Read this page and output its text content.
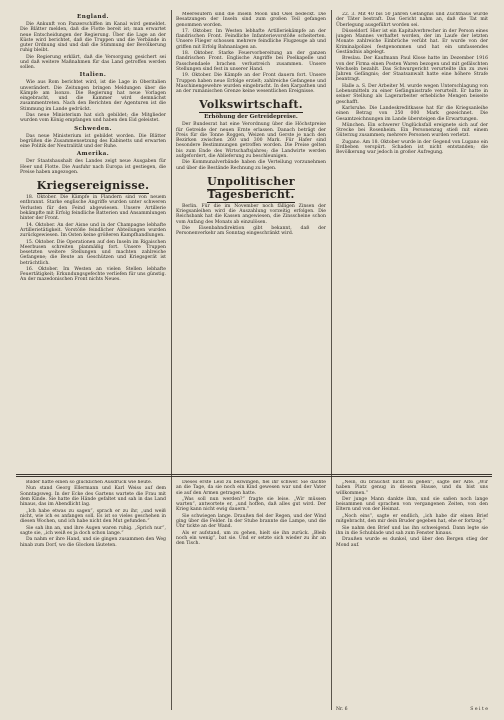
England.

Die Ankunft von Panzerschiffen im Kanal wird gemeldet. Die Blätter melden, daß die Flotte bereit ist; man erwartet neue Entscheidungen der Regierung. Über die Lage an der Küste wird berichtet, daß die Truppen und die Verbände in guter Ordnung sind und daß die Stimmung der Bevölkerung ruhig bleibt.

Die Regierung erklärt, daß die Versorgung gesichert sei und daß weitere Maßnahmen für das Land getroffen werden sollen.

Italien.

Wie aus Rom berichtet wird, ist die Lage in Oberitalien unverändert. Die Zeitungen bringen Meldungen über die Kämpfe am Isonzo. Die Regierung hat neue Vorlagen eingebracht, und die Kammer wird demnächst zusammentreten. Nach den Berichten der Agenturen ist die Stimmung im Lande gedrückt.

Das neue Ministerium hat sich gebildet; die Mitglieder wurden vom König empfangen und haben den Eid geleistet.

Schweden.

Das neue Ministerium ist gebildet worden. Die Blätter begrüßen die Zusammensetzung des Kabinetts und erwarten eine Politik der Neutralität und der Ruhe.

Amerika.

Der Staatshaushalt des Landes zeigt neue Ausgaben für Heer und Flotte. Die Ausfuhr nach Europa ist gestiegen, die Preise haben angezogen.

Kriegsereignisse.

18. Oktober. Die Kämpfe in Flandern sind von neuem entbrannt. Starke englische Angriffe wurden unter schweren Verlusten für den Feind abgewiesen. Unsere Artillerie bekämpfte mit Erfolg feindliche Batterien und Ansammlungen hinter der Front.

14. Oktober. An der Aisne und in der Champagne lebhafte Artillerietätigkeit. Vorstöße feindlicher Abteilungen wurden zurückgewiesen. Im Osten keine größeren Kampfhandlungen.

15. Oktober. Die Operationen auf den Inseln im Rigaischen Meerbusen schreiten planmäßig fort. Unsere Truppen besetzten weitere Stellungen und machten zahlreiche Gefangene; die Beute an Geschützen und Kriegsgerät ist beträchtlich.

16. Oktober. Im Westen an vielen Stellen lebhafte Feuertätigkeit; Erkundungsgefechte verliefen für uns günstig. An der mazedonischen Front nichts Neues.

Meeresufern sind die Inseln Moon und Ösel bedeckt. Die Besatzungen der Inseln sind zum großen Teil gefangen genommen worden.

17. Oktober. Im Westen lebhafte Artilleriekämpfe an der flandrischen Front. Feindliche Infanterievorstöße scheiterten. Unsere Flieger schossen mehrere feindliche Flugzeuge ab und griffen mit Erfolg Bahnanlagen an.

18. Oktober. Starke Feuervorbereitung an der ganzen flandrischen Front. Englische Angriffe bei Poelkapelle und Passchendaele brachen verlustreich zusammen. Unsere Stellungen sind fest in unserer Hand.

19. Oktober. Die Kämpfe an der Front dauern fort. Unsere Truppen haben neue Erfolge erzielt; zahlreiche Gefangene und Maschinengewehre wurden eingebracht. In den Karpathen und an der rumänischen Grenze keine wesentlichen Ereignisse.

Volkswirtschaft.
Erhöhung der Getreidepreise.

Der Bundesrat hat eine Verordnung über die Höchstpreise für Getreide der neuen Ernte erlassen. Danach beträgt der Preis für die Tonne Roggen, Weizen und Gerste je nach den Bezirken zwischen 260 und 300 Mark. Für Hafer sind besondere Bestimmungen getroffen worden. Die Preise gelten bis zum Ende des Wirtschaftsjahres; die Landwirte werden aufgefordert, die Ablieferung zu beschleunigen.

Die Kommunalverbände haben die Verteilung vorzunehmen und über die Bestände Rechnung zu legen.

Unpolitischer Tagesbericht.

Berlin. Für die im November noch fälligen Zinsen der Kriegsanleihen wird die Auszahlung vorzeitig erfolgen. Die Reichsbank hat die Kassen angewiesen, die Zinsscheine schon vom Anfang des Monats ab einzulösen.

Die Eisenbahndirektion gibt bekannt, daß der Personenverkehr am Sonntag eingeschränkt wird.

22. 3. Mit 40 bis 50 Jahren Gefängnis und Zuchthaus wurde der Täter bestraft. Das Gericht nahm an, daß die Tat mit Überlegung ausgeführt worden sei.

Düsseldorf. Hier ist ein Kapitalverbrecher in der Person eines jungen Mannes verhaftet worden, der im Laufe der letzten Monate zahlreiche Einbrüche verübt hat. Er wurde von der Kriminalpolizei festgenommen und hat ein umfassendes Geständnis abgelegt.

Breslau. Der Kaufmann Paul Klose hatte im Dezember 1916 von der Firma einen Posten Waren bezogen und mit gefälschten Wechseln bezahlt. Das Schwurgericht verurteilte ihn zu zwei Jahren Gefängnis; der Staatsanwalt hatte eine höhere Strafe beantragt.

Halle a. S. Der Arbeiter M. wurde wegen Unterschlagung von Lebensmitteln zu einer Gefängnisstrafe verurteilt. Er hatte in seiner Stellung als Lagerarbeiter erhebliche Mengen beiseite geschafft.

Karlsruhe. Die Landeskreditkasse hat für die Kriegsanleihe einen Betrag von 250 000 Mark gezeichnet. Die Gesamtzeichnungen im Lande übersteigen die Erwartungen.

München. Ein schwerer Unglücksfall ereignete sich auf der Strecke bei Rosenheim. Ein Personenzug stieß mit einem Güterzug zusammen; mehrere Personen wurden verletzt.

Zugano. Am 18. Oktober wurde in der Gegend von Lugano ein Erdbeben verspürt. Schaden ist nicht entstanden; die Bevölkerung war jedoch in großer Aufregung.

Bilder hatte einen so glücklichen Ausdruck wie heute.

Nun stand Georg Ellermann und Karl Weiss auf dem Sonntagsweg. In der Ecke des Gartens wartete die Frau mit dem Kinde. Sie hatte die Hände gefaltet und sah in das Land hinaus, das im Abendlicht lag.

„Ich habe etwas zu sagen“, sprach er zu ihr, „und weiß nicht, wie ich es anfangen soll. Es ist so vieles geschehen in diesen Wochen, und ich habe nicht den Mut gefunden.“

Sie sah ihn an, und ihre Augen waren ruhig. „Sprich nur“, sagte sie, „ich weiß es ja doch schon lange.“

Da nahm er ihre Hand, und sie gingen zusammen den Weg hinab zum Dorf, wo die Glocken läuteten.

Dieses erste Leid zu bezwingen, fiel ihr schwer. Sie dachte an die Tage, da sie noch ein Kind gewesen war und der Vater sie auf den Armen getragen hatte.

„Was soll nun werden?“ fragte sie leise. „Wir müssen warten“, antwortete er, „und hoffen, daß alles gut wird. Der Krieg kann nicht ewig dauern.“

Sie schwiegen lange. Draußen fiel der Regen, und der Wind ging über die Felder. In der Stube brannte die Lampe, und die Uhr tickte an der Wand.

Als er aufstand, um zu gehen, hielt sie ihn zurück. „Bleib noch ein wenig“, bat sie. Und er setzte sich wieder zu ihr an den Tisch.

„Nein, du brauchst nicht zu gehen“, sagte der Alte. „Wir haben Platz genug in diesem Hause, und du bist uns willkommen.“

Der junge Mann dankte ihm, und sie saßen noch lange beisammen und sprachen von vergangenen Zeiten, von den Eltern und von der Heimat.

„Noch eins“, sagte er endlich, „ich habe dir einen Brief mitgebracht, den mir dein Bruder gegeben hat, ehe er fortzog.“

Sie nahm den Brief und las ihn schweigend. Dann legte sie ihn in die Schublade und sah zum Fenster hinaus.

Draußen wurde es dunkel, und über den Bergen stieg der Mond auf.

Nr. 6	S e i t e
